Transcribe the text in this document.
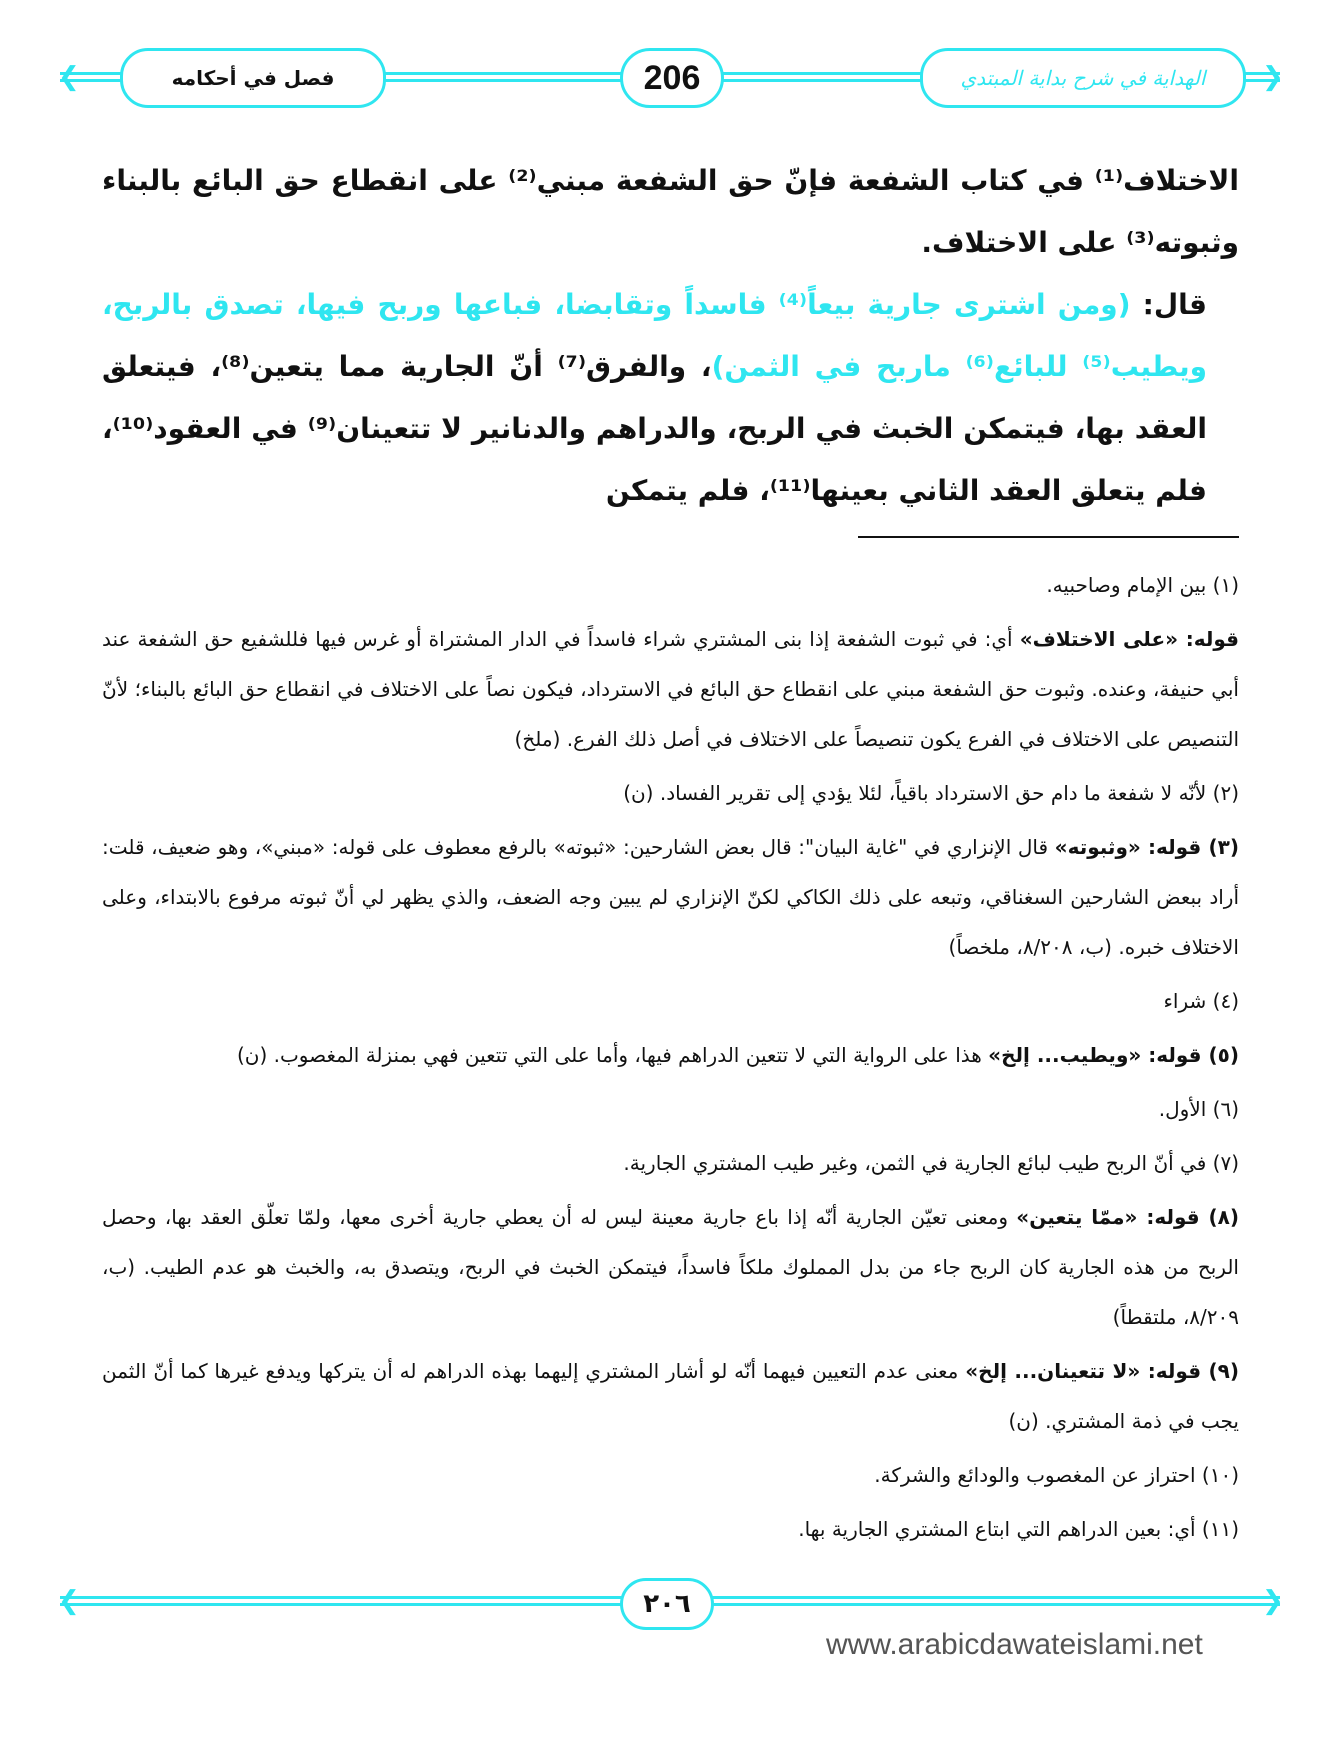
❮	❯
فصل في أحكامه	206	الهداية في شرح بداية المبتدي

الاختلاف⁽¹⁾ في كتاب الشفعة فإنّ حق الشفعة مبني⁽²⁾ على انقطاع حق البائع بالبناء وثبوته⁽³⁾ على الاختلاف.

قال: (ومن اشترى جارية بيعاً⁽⁴⁾ فاسداً وتقابضا، فباعها وربح فيها، تصدق بالربح، ويطيب⁽⁵⁾ للبائع⁽⁶⁾ ماربح في الثمن)، والفرق⁽⁷⁾ أنّ الجارية مما يتعين⁽⁸⁾، فيتعلق العقد بها، فيتمكن الخبث في الربح، والدراهم والدنانير لا تتعينان⁽⁹⁾ في العقود⁽¹⁰⁾، فلم يتعلق العقد الثاني بعينها⁽¹¹⁾، فلم يتمكن

(١) بين الإمام وصاحبيه.

قوله: «على الاختلاف» أي: في ثبوت الشفعة إذا بنى المشتري شراء فاسداً في الدار المشتراة أو غرس فيها فللشفيع حق الشفعة عند أبي حنيفة، وعنده. وثبوت حق الشفعة مبني على انقطاع حق البائع في الاسترداد، فيكون نصاً على الاختلاف في انقطاع حق البائع بالبناء؛ لأنّ التنصيص على الاختلاف في الفرع يكون تنصيصاً على الاختلاف في أصل ذلك الفرع. (ملخ)

(٢) لأنّه لا شفعة ما دام حق الاسترداد باقياً، لئلا يؤدي إلى تقرير الفساد. (ن)

(٣) قوله: «وثبوته» قال الإنزاري في "غاية البيان": قال بعض الشارحين: «ثبوته» بالرفع معطوف على قوله: «مبني»، وهو ضعيف، قلت: أراد ببعض الشارحين السغناقي، وتبعه على ذلك الكاكي لكنّ الإنزاري لم يبين وجه الضعف، والذي يظهر لي أنّ ثبوته مرفوع بالابتداء، وعلى الاختلاف خبره. (ب، ٨/٢٠٨، ملخصاً)

(٤) شراء

(٥) قوله: «ويطيب... إلخ» هذا على الرواية التي لا تتعين الدراهم فيها، وأما على التي تتعين فهي بمنزلة المغصوب. (ن)

(٦) الأول.

(٧) في أنّ الربح طيب لبائع الجارية في الثمن، وغير طيب المشتري الجارية.

(٨) قوله: «ممّا يتعين» ومعنى تعيّن الجارية أنّه إذا باع جارية معينة ليس له أن يعطي جارية أخرى معها، ولمّا تعلّق العقد بها، وحصل الربح من هذه الجارية كان الربح جاء من بدل المملوك ملكاً فاسداً، فيتمكن الخبث في الربح، ويتصدق به، والخبث هو عدم الطيب. (ب، ٨/٢٠٩، ملتقطاً)

(٩) قوله: «لا تتعينان... إلخ» معنى عدم التعيين فيهما أنّه لو أشار المشتري إليهما بهذه الدراهم له أن يتركها ويدفع غيرها كما أنّ الثمن يجب في ذمة المشتري. (ن)

(١٠) احتراز عن المغصوب والودائع والشركة.

(١١) أي: بعين الدراهم التي ابتاع المشتري الجارية بها.

❮	❯
٢٠٦
www.arabicdawateislami.net
